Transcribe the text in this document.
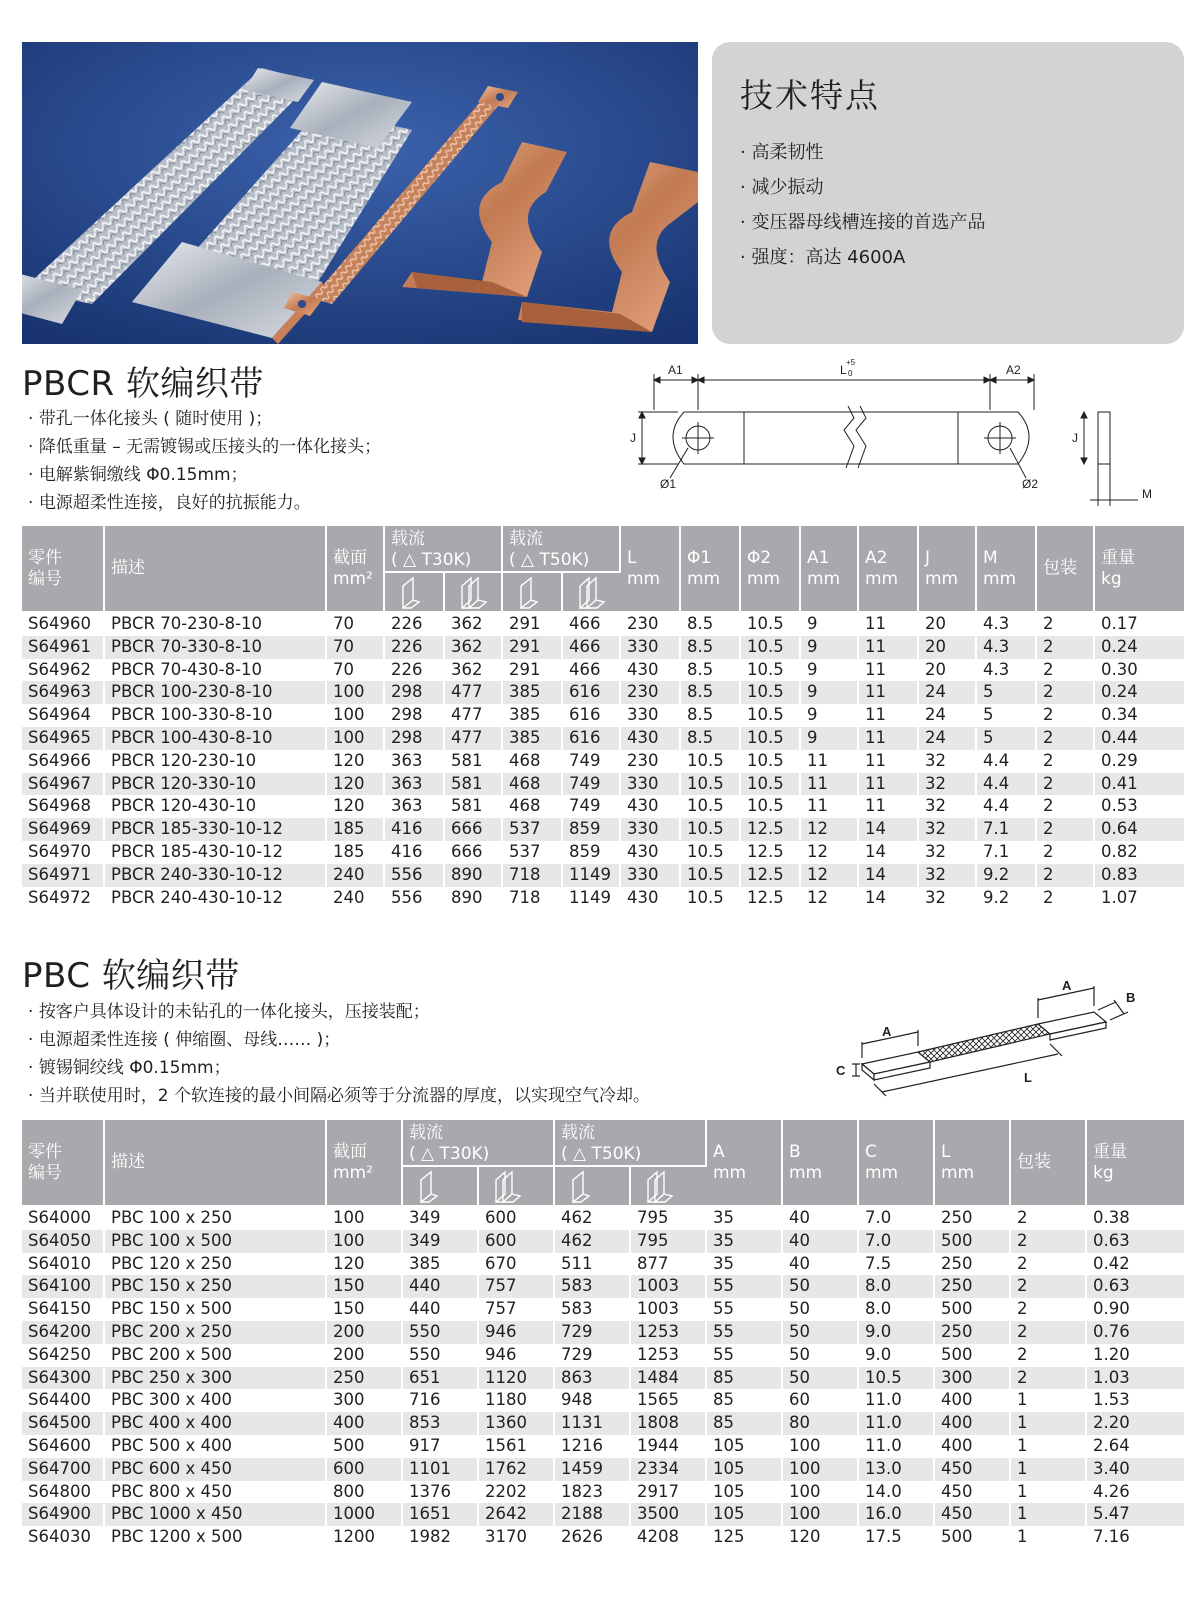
技术特点
· 高柔韧性
· 减少振动
· 变压器母线槽连接的首选产品
· 强度：高达 4600A
PBCR 软编织带
· 带孔一体化接头 ( 随时使用 )；
· 降低重量 – 无需镀锡或压接头的一体化接头；
· 电解紫铜缴线 Φ0.15mm；
· 电源超柔性连接，良好的抗振能力。
A1	A2
L 0
+5
J	J
Ø1	Ø2
M
零件
编号	描述	截面
mm²	载流
( △ T30K)		载流
( △ T50K)		L
mm	Φ1
mm	Φ2
mm	A1
mm	A2
mm	J
mm	M
mm	包装	重量
kg

S64960	PBCR 70-230-8-10	70	226	362	291	466	230	8.5	10.5	9	11	20	4.3	2	0.17
S64961	PBCR 70-330-8-10	70	226	362	291	466	330	8.5	10.5	9	11	20	4.3	2	0.24
S64962	PBCR 70-430-8-10	70	226	362	291	466	430	8.5	10.5	9	11	20	4.3	2	0.30
S64963	PBCR 100-230-8-10	100	298	477	385	616	230	8.5	10.5	9	11	24	5	2	0.24
S64964	PBCR 100-330-8-10	100	298	477	385	616	330	8.5	10.5	9	11	24	5	2	0.34
S64965	PBCR 100-430-8-10	100	298	477	385	616	430	8.5	10.5	9	11	24	5	2	0.44
S64966	PBCR 120-230-10	120	363	581	468	749	230	10.5	10.5	11	11	32	4.4	2	0.29
S64967	PBCR 120-330-10	120	363	581	468	749	330	10.5	10.5	11	11	32	4.4	2	0.41
S64968	PBCR 120-430-10	120	363	581	468	749	430	10.5	10.5	11	11	32	4.4	2	0.53
S64969	PBCR 185-330-10-12	185	416	666	537	859	330	10.5	12.5	12	14	32	7.1	2	0.64
S64970	PBCR 185-430-10-12	185	416	666	537	859	430	10.5	12.5	12	14	32	7.1	2	0.82
S64971	PBCR 240-330-10-12	240	556	890	718	1149	330	10.5	12.5	12	14	32	9.2	2	0.83
S64972	PBCR 240-430-10-12	240	556	890	718	1149	430	10.5	12.5	12	14	32	9.2	2	1.07
PBC 软编织带
· 按客户具体设计的未钻孔的一体化接头，压接装配；
· 电源超柔性连接 ( 伸缩圈、母线…… )；
· 镀锡铜绞线 Φ0.15mm；
· 当并联使用时，2 个软连接的最小间隔必须等于分流器的厚度，以实现空气冷却。
A
A
B
C	L
零件
编号	描述	截面
mm²	载流
( △ T30K)		载流
( △ T50K)		A
mm	B
mm	C
mm	L
mm	包装	重量
kg

S64000	PBC 100 x 250	100	349	600	462	795	35	40	7.0	250	2	0.38
S64050	PBC 100 x 500	100	349	600	462	795	35	40	7.0	500	2	0.63
S64010	PBC 120 x 250	120	385	670	511	877	35	40	7.5	250	2	0.42
S64100	PBC 150 x 250	150	440	757	583	1003	55	50	8.0	250	2	0.63
S64150	PBC 150 x 500	150	440	757	583	1003	55	50	8.0	500	2	0.90
S64200	PBC 200 x 250	200	550	946	729	1253	55	50	9.0	250	2	0.76
S64250	PBC 200 x 500	200	550	946	729	1253	55	50	9.0	500	2	1.20
S64300	PBC 250 x 300	250	651	1120	863	1484	85	50	10.5	300	2	1.03
S64400	PBC 300 x 400	300	716	1180	948	1565	85	60	11.0	400	1	1.53
S64500	PBC 400 x 400	400	853	1360	1131	1808	85	80	11.0	400	1	2.20
S64600	PBC 500 x 400	500	917	1561	1216	1944	105	100	11.0	400	1	2.64
S64700	PBC 600 x 450	600	1101	1762	1459	2334	105	100	13.0	450	1	3.40
S64800	PBC 800 x 450	800	1376	2202	1823	2917	105	100	14.0	450	1	4.26
S64900	PBC 1000 x 450	1000	1651	2642	2188	3500	105	100	16.0	450	1	5.47
S64030	PBC 1200 x 500	1200	1982	3170	2626	4208	125	120	17.5	500	1	7.16
